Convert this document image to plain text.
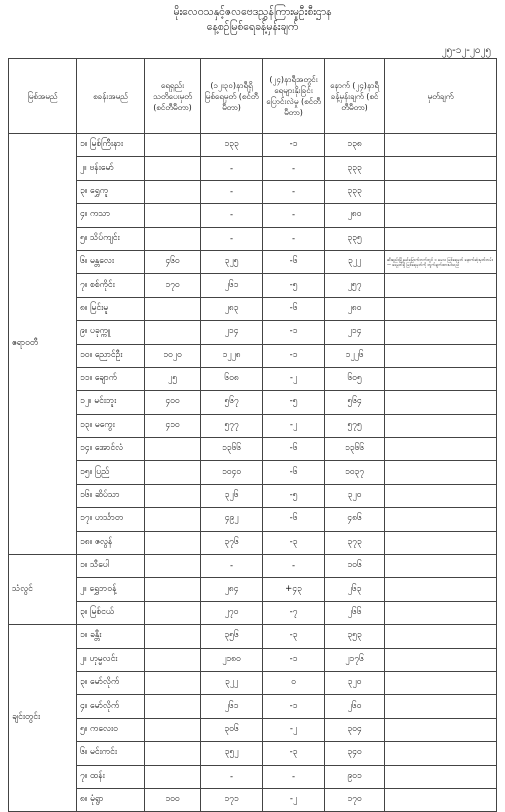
မိုးလေဝသနှင့်ဇလဗေဒညွှန်ကြားမှုဦးစီးဌာန
နေ့စဉ်မြစ်ရေခန့်မှန်းချက်
၂၅-၁၂-၂၀၂၅
မြစ်အမည်	စခန်းအမည်	ရေရှည်းသတိပေးမှတ် (စင်တီမီတာ)	(၁၂း၃၀)နာရီရှိ မြစ်ရေမှတ် (စင်တီမီတာ)	(၂၄)နာရီအတွင်း ရေများနိုးခြင်း ပြောင်းလဲမှု (စင်တီမီတာ)	နောက် (၂၄)နာရီ ခန့်မှန်းချက် (စင်တီမီတာ)	မှတ်ချက်
ဧရာဝတီ	၁။ မြစ်ကြီးနား		၁၃၃	-၁	၁၃၈	
	၂။ ဗန်းမော်		-	-	၃၃၃	
	၃။ ရွှေကူ		-	-	၃၃၃	
	၄။ ကသာ		-	-	၂၈၀	
	၅။ သိပ်ကျင်း		-	-	၃၃၅	
	၆။ မန္တလေး	၄၆၀	၃၂၅	-၆	၃၂၂	ဆီးရည်းမြို့နယ်မြောက်ဘက်တွင် ၁ မေလ မြစ်ရေမှတ် နောက်ဆုံးမှတ်တမ်း — ရေမှတ်ရှိ မြစ်ရေမှတ်ကို တွက်ချက်ထားပါသည်
	၇။ စစ်ကိုင်း	၁၇၀	၂၆၁	-၅	၂၅၇	
	၈။ မြင်းမူ		၂၈၃	-၆	၂၈၀	
	၉။ ပခုက္ကူ		၂၁၄	-၁	၂၁၄	
	၁၀။ ညောင်ဦး	၁၀၂၀	၁၂၂၈	-၁	၁၂၂၆	
	၁၁။ ချောက်	၂၅	၆၀၈	-၂	၆၀၅	
	၁၂။ မင်းဘူး	၄၀၀	၅၆၇	-၅	၅၆၄	
	၁၃။ မကွေး	၄၁၀	၅၇၇	-၂	၅၇၅	
	၁၄။ အောင်လံ		၁၃၆၆	-၆	၁၃၆၆	
	၁၅။ ပြည်		၁၀၄၀	-၆	၁၀၃၇	
	၁၆။ ဆိပ်သာ		၃၂၆	-၅	၃၂၀	
	၁၇။ ဟင်္သာတ		၄၉၂	-၆	၄၈၆	
	၁၈။ ဇလွန်		၃၇၆	-၃	၃၇၃	
သံလွင်	၁။ သီပေါ		-	-	၁၀၆	
	၂။ ရွှေဘဝန့်		၂၈၄	+၄၃	၂၆၃	
	၃။ မြစ်ငယ်		၂၇၀	-၇	၂၆၆	
ချင်းတွင်း	၁။ ခန္တီး		၃၅၆	-၃	၃၅၃	
	၂။ ဟုမ္မလင်း		၂၁၈၀	-၁	၂၁၇၆	
	၃။ မော်လိုက်		၃၂၂	၀	၃၂၀	
	၄။ မော်လိုက်		၂၆၁	-၁	၂၆၀	
	၅။ ကလေးဝ		၃၀၆	-၂	၃၀၄	
	၆။ မင်းကင်း		၃၅၂	-၃	၃၄၀	
	၇။ ထန်း		-	-	၉၀၁	
	၈။ မုံရွာ	၁၀၀	၁၇၁	-၂	၁၇၀	
